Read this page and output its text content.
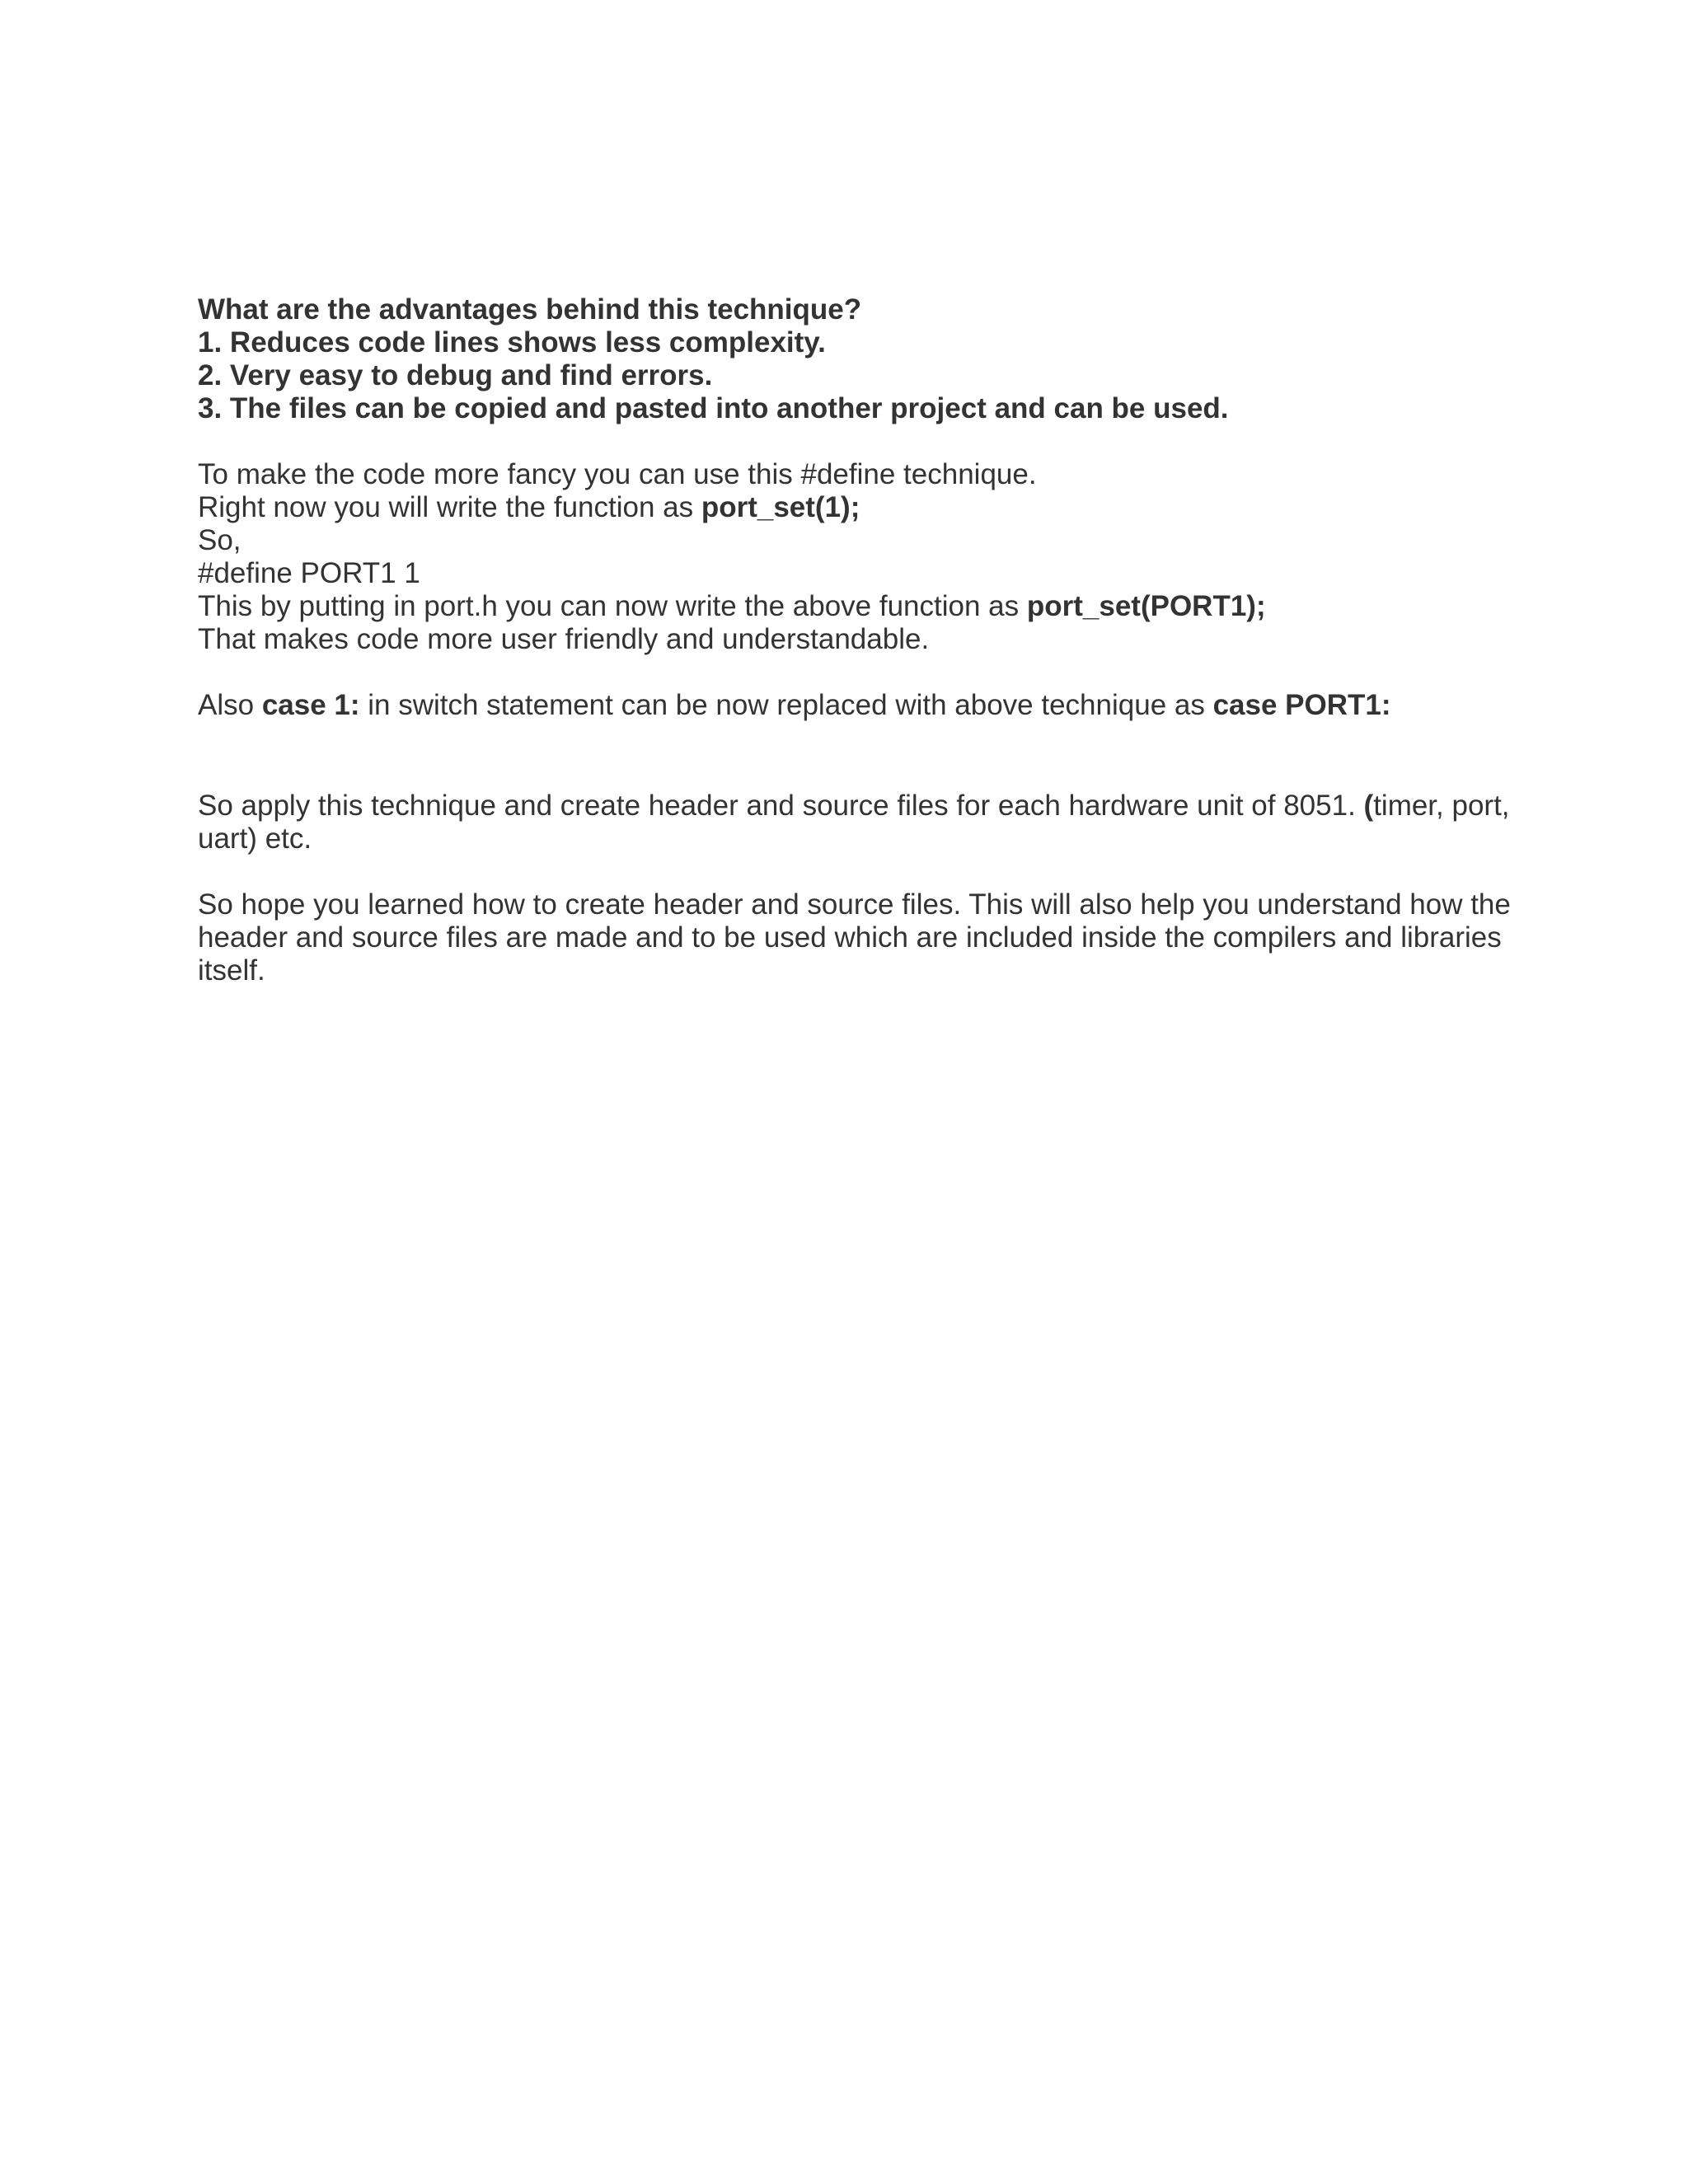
What are the advantages behind this technique?
1. Reduces code lines shows less complexity.
2. Very easy to debug and find errors.
3. The files can be copied and pasted into another project and can be used.
To make the code more fancy you can use this #define technique.
Right now you will write the function as port_set(1);
So,
#define PORT1 1
This by putting in port.h you can now write the above function as port_set(PORT1);
That makes code more user friendly and understandable.
Also case 1: in switch statement can be now replaced with above technique as case PORT1:
So apply this technique and create header and source files for each hardware unit of 8051. (timer, port, uart) etc.
So hope you learned how to create header and source files. This will also help you understand how the header and source files are made and to be used which are included inside the compilers and libraries itself.
